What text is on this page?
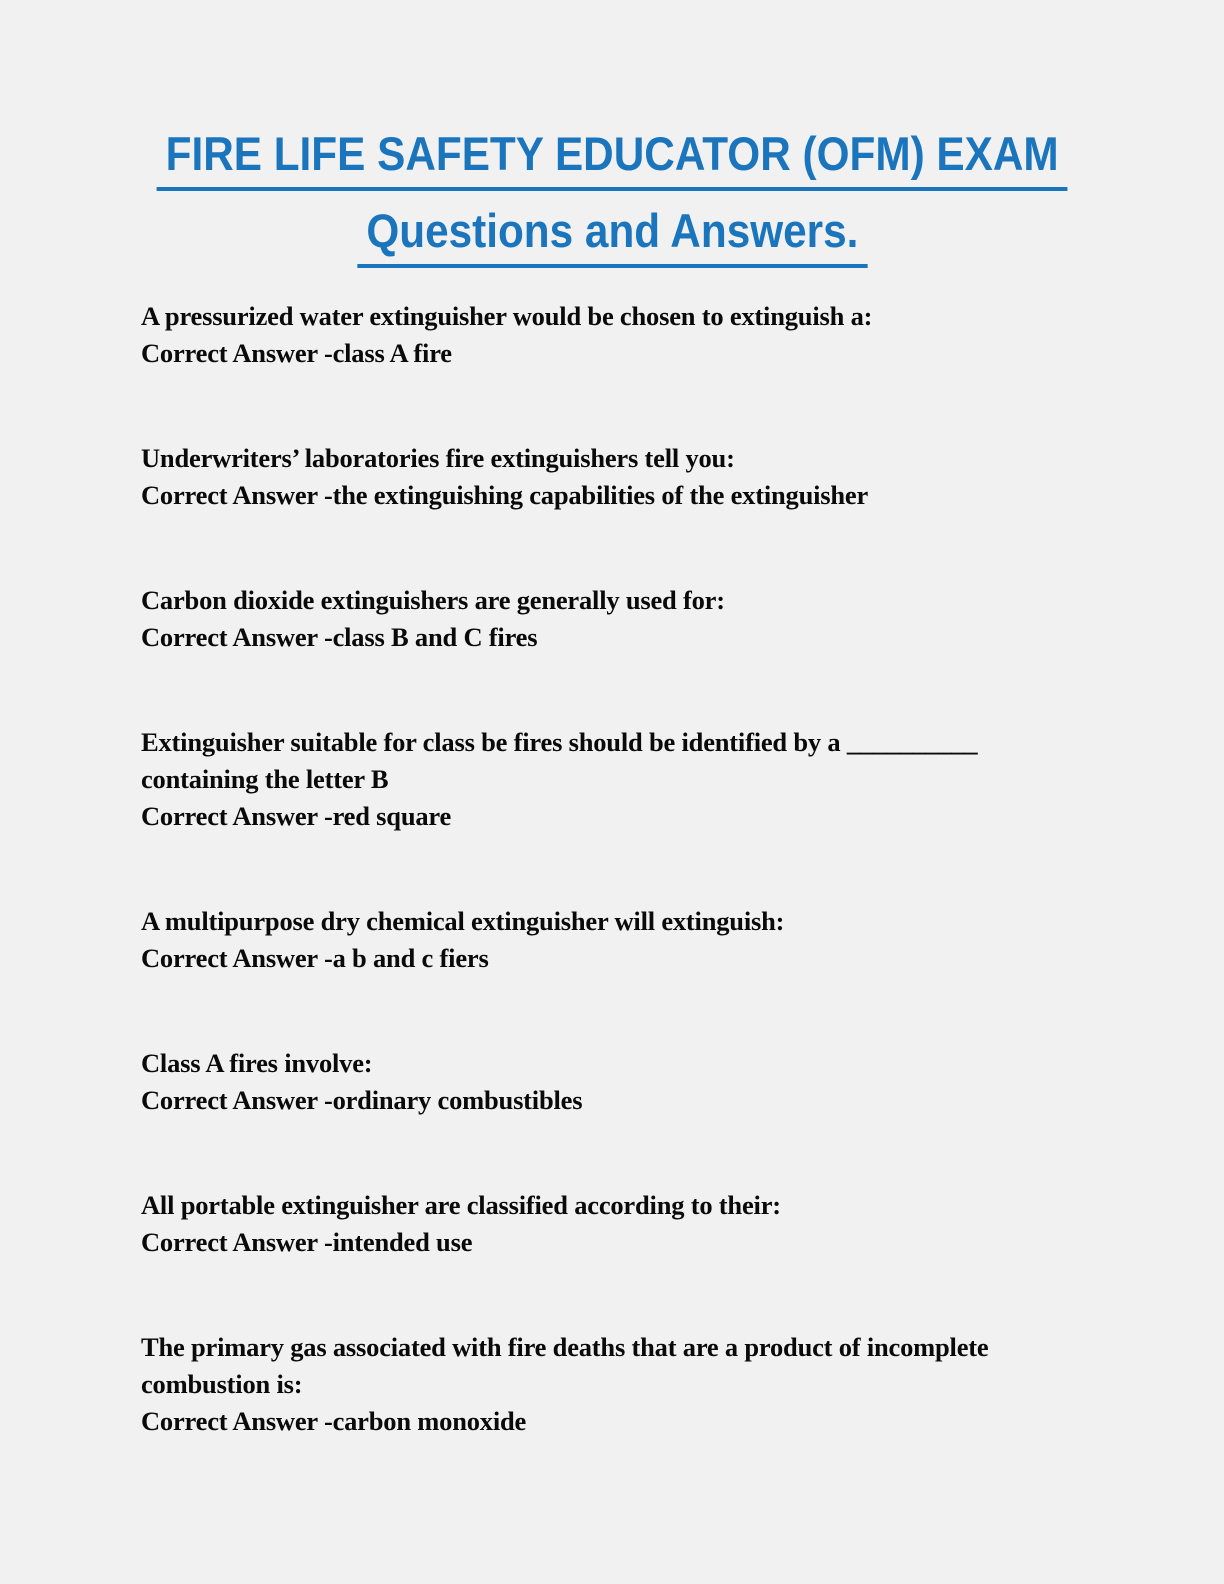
FIRE LIFE SAFETY EDUCATOR (OFM) EXAM
Questions and Answers.

A pressurized water extinguisher would be chosen to extinguish a:

Correct Answer -class A fire

Underwriters’ laboratories fire extinguishers tell you:

Correct Answer -the extinguishing capabilities of the extinguisher

Carbon dioxide extinguishers are generally used for:

Correct Answer -class B and C fires

Extinguisher suitable for class be fires should be identified by a __________ containing the letter B

Correct Answer -red square

A multipurpose dry chemical extinguisher will extinguish:

Correct Answer -a b and c fiers

Class A fires involve:

Correct Answer -ordinary combustibles

All portable extinguisher are classified according to their:

Correct Answer -intended use

The primary gas associated with fire deaths that are a product of incomplete combustion is:

Correct Answer -carbon monoxide
